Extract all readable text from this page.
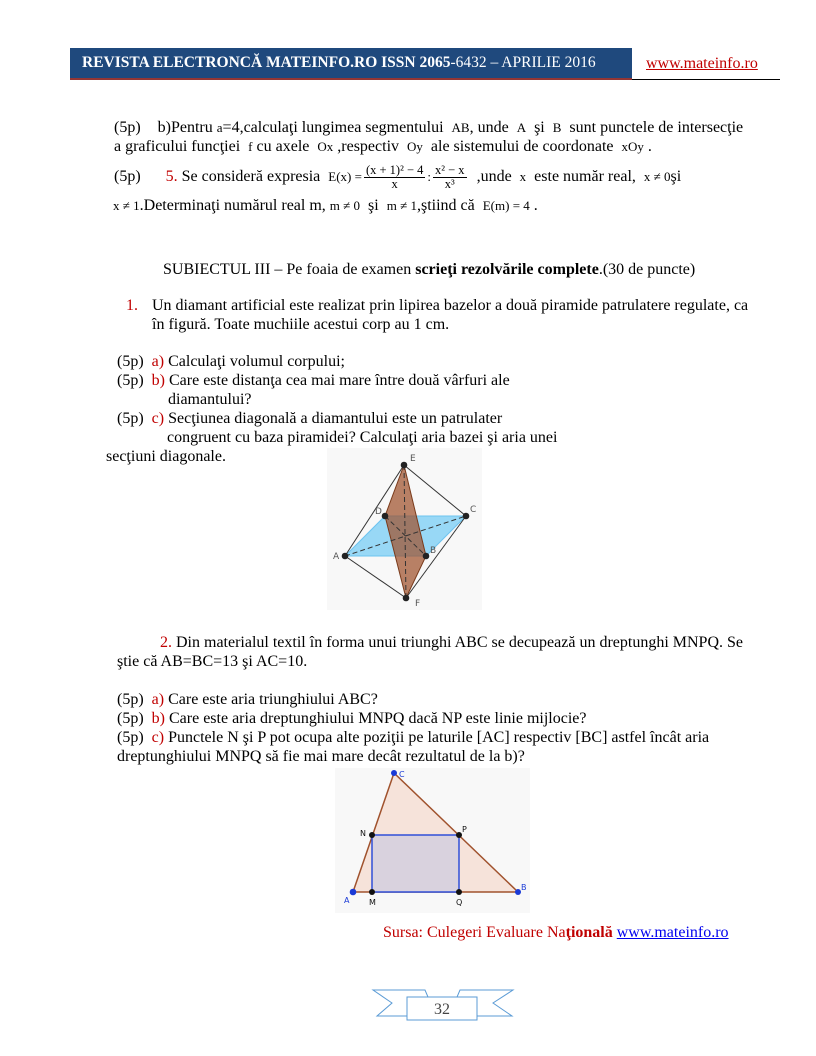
REVISTA ELECTRONCĂ MATEINFO.RO ISSN 2065-6432 – APRILIE 2016	www.mateinfo.ro
(5p) b)Pentru a=4,calculaţi lungimea segmentului AB, unde A şi B sunt punctele de intersecţie
a graficului funcţiei f cu axele Ox ,respectiv Oy ale sistemului de coordonate xOy .
(5p) 5. Se consideră expresia $E(x) = \frac{\text{(x + 1)² − 4}}{x}$ : $\frac{\text{x² − x}}{\text{x³}}$ ,unde x este număr real, x ≠ 0şi
x ≠ 1.Determinaţi numărul real m, m ≠ 0 şi m ≠ 1,ştiind că E(m) = 4 .
SUBIECTUL III – Pe foaia de examen scrieţi rezolvările complete.(30 de puncte)
1. Un diamant artificial este realizat prin lipirea bazelor a două piramide patrulatere regulate, ca
în figură. Toate muchiile acestui corp au 1 cm.
(5p) a) Calculaţi volumul corpului;
(5p) b) Care este distanţa cea mai mare între două vârfuri ale
diamantului?
(5p) c) Secţiunea diagonală a diamantului este un patrulater
congruent cu baza piramidei? Calculaţi aria bazei şi aria unei
secţiuni diagonale.	E
D	C
A
B
F
2. Din materialul textil în forma unui triunghi ABC se decupează un dreptunghi MNPQ. Se
ştie că AB=BC=13 şi AC=10.
(5p) a) Care este aria triunghiului ABC?
(5p) b) Care este aria dreptunghiului MNPQ dacă NP este linie mijlocie?
(5p) c) Punctele N şi P pot ocupa alte poziţii pe laturile [AC] respectiv [BC] astfel încât aria
dreptunghiului MNPQ să fie mai mare decât rezultatul de la b)?
C
N	P
A M	Q
B
Sursa: Culegeri Evaluare Naţională www.mateinfo.ro
32
